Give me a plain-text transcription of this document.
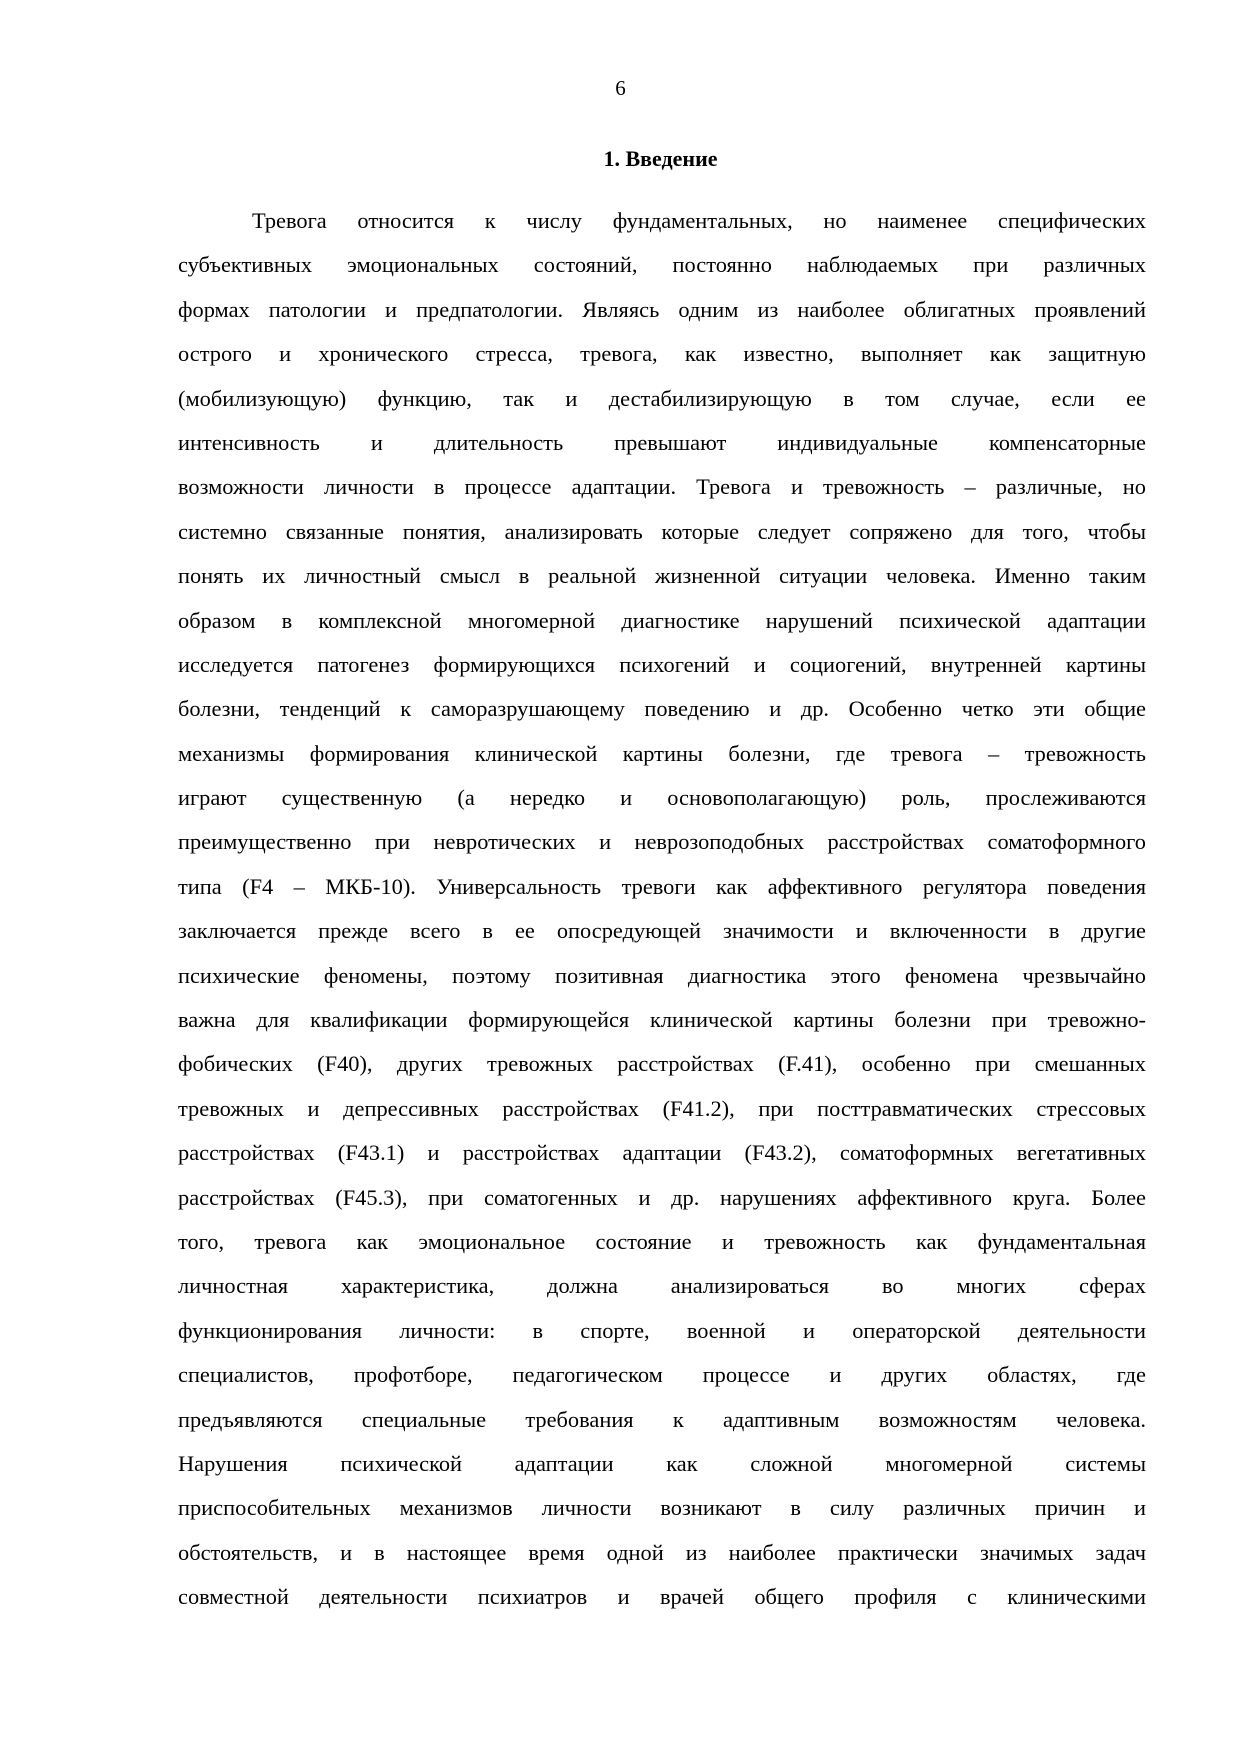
6
1. Введение
Тревога относится к числу фундаментальных, но наименее специфических
субъективных эмоциональных состояний, постоянно наблюдаемых при различных
формах патологии и предпатологии. Являясь одним из наиболее облигатных проявлений
острого и хронического стресса, тревога, как известно, выполняет как защитную
(мобилизующую) функцию, так и дестабилизирующую в том случае, если ее
интенсивность и длительность превышают индивидуальные компенсаторные
возможности личности в процессе адаптации. Тревога и тревожность – различные, но
системно связанные понятия, анализировать которые следует сопряжено для того, чтобы
понять их личностный смысл в реальной жизненной ситуации человека. Именно таким
образом в комплексной многомерной диагностике нарушений психической адаптации
исследуется патогенез формирующихся психогений и социогений, внутренней картины
болезни, тенденций к саморазрушающему поведению и др. Особенно четко эти общие
механизмы формирования клинической картины болезни, где тревога – тревожность
играют существенную (а нередко и основополагающую) роль, прослеживаются
преимущественно при невротических и неврозоподобных расстройствах соматоформного
типа (F4 – МКБ-10). Универсальность тревоги как аффективного регулятора поведения
заключается прежде всего в ее опосредующей значимости и включенности в другие
психические феномены, поэтому позитивная диагностика этого феномена чрезвычайно
важна для квалификации формирующейся клинической картины болезни при тревожно-
фобических (F40), других тревожных расстройствах (F.41), особенно при смешанных
тревожных и депрессивных расстройствах (F41.2), при посттравматических стрессовых
расстройствах (F43.1) и расстройствах адаптации (F43.2), соматоформных вегетативных
расстройствах (F45.3), при соматогенных и др. нарушениях аффективного круга. Более
того, тревога как эмоциональное состояние и тревожность как фундаментальная
личностная характеристика, должна анализироваться во многих сферах
функционирования личности: в спорте, военной и операторской деятельности
специалистов, профотборе, педагогическом процессе и других областях, где
предъявляются специальные требования к адаптивным возможностям человека.
Нарушения психической адаптации как сложной многомерной системы
приспособительных механизмов личности возникают в силу различных причин и
обстоятельств, и в настоящее время одной из наиболее практически значимых задач
совместной деятельности психиатров и врачей общего профиля с клиническими
